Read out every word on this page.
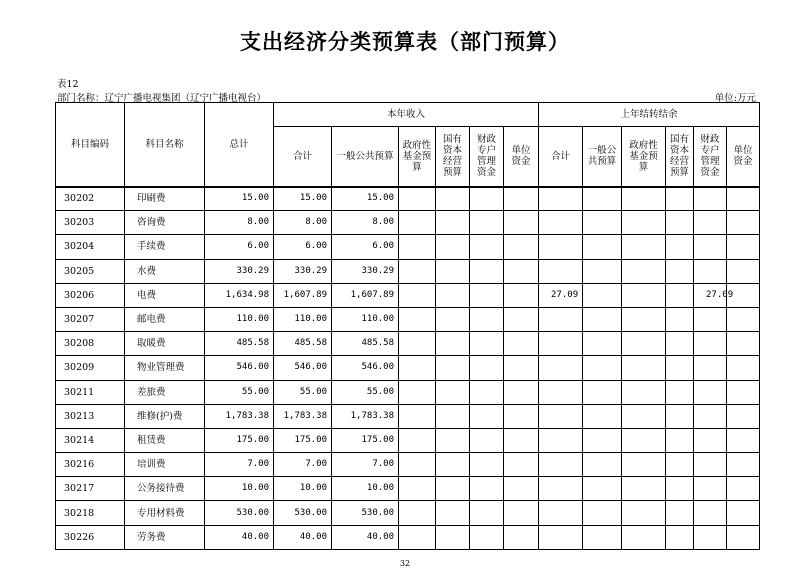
支出经济分类预算表（部门预算）
表12
部门名称：辽宁广播电视集团（辽宁广播电视台）	单位:万元
科目编码	科目名称	总计	本年收入						上年结转结余					
			合计	一般公共预算	政府性基金预算	国有资本经营预算	财政专户管理资金	单位资金	合计	一般公共预算	政府性基金预算	国有资本经营预算	财政专户管理资金	单位资金
30202	印刷费	15.00	15.00	15.00										
30203	咨询费	8.00	8.00	8.00										
30204	手续费	6.00	6.00	6.00										
30205	水费	330.29	330.29	330.29										
30206	电费	1,634.98	1,607.89	1,607.89					27.09				27.09	
30207	邮电费	110.00	110.00	110.00										
30208	取暖费	485.58	485.58	485.58										
30209	物业管理费	546.00	546.00	546.00										
30211	差旅费	55.00	55.00	55.00										
30213	维修(护)费	1,783.38	1,783.38	1,783.38										
30214	租赁费	175.00	175.00	175.00										
30216	培训费	7.00	7.00	7.00										
30217	公务接待费	10.00	10.00	10.00										
30218	专用材料费	530.00	530.00	530.00										
30226	劳务费	40.00	40.00	40.00										
32
